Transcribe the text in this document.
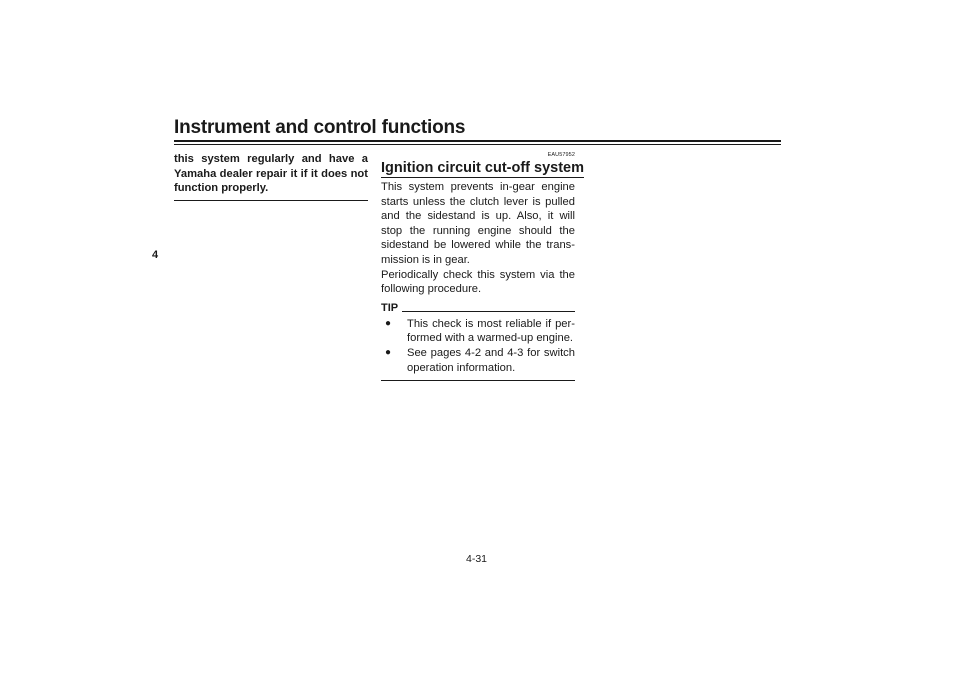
Instrument and control functions
4
this system regularly and have a Yamaha dealer repair it if it does not function properly.
EAU57952
Ignition circuit cut-off system

This system prevents in-gear engine starts unless the clutch lever is pulled and the sidestand is up. Also, it will stop the running engine should the sidestand be lowered while the trans-mission is in gear.

Periodically check this system via the following procedure.

TIP
●	This check is most reliable if per-formed with a warmed-up engine.
●	See pages 4-2 and 4-3 for switch operation information.
4-31
